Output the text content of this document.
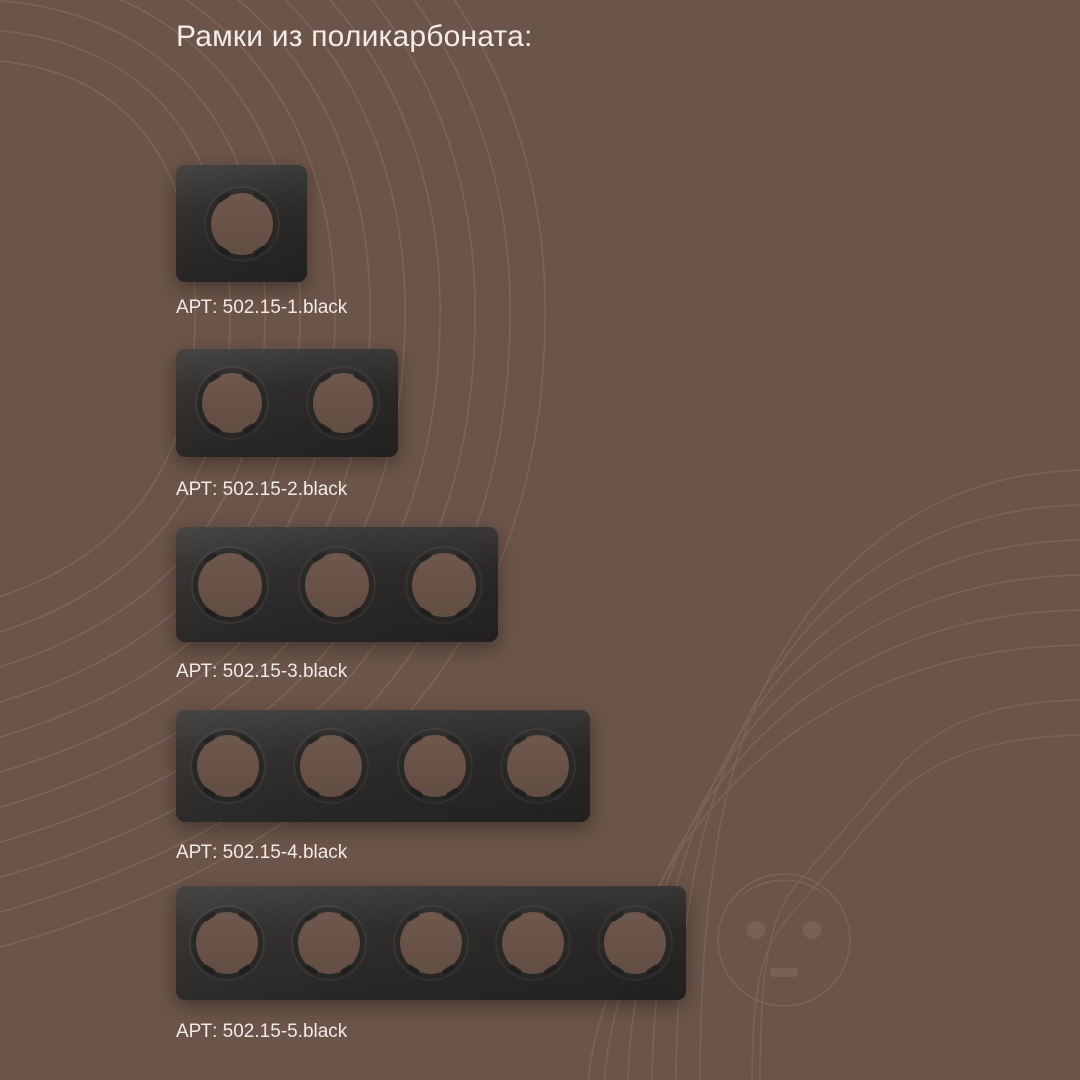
Рамки из поликарбоната:
АРТ: 502.15-1.black
АРТ: 502.15-2.black
АРТ: 502.15-3.black
АРТ: 502.15-4.black
АРТ: 502.15-5.black
